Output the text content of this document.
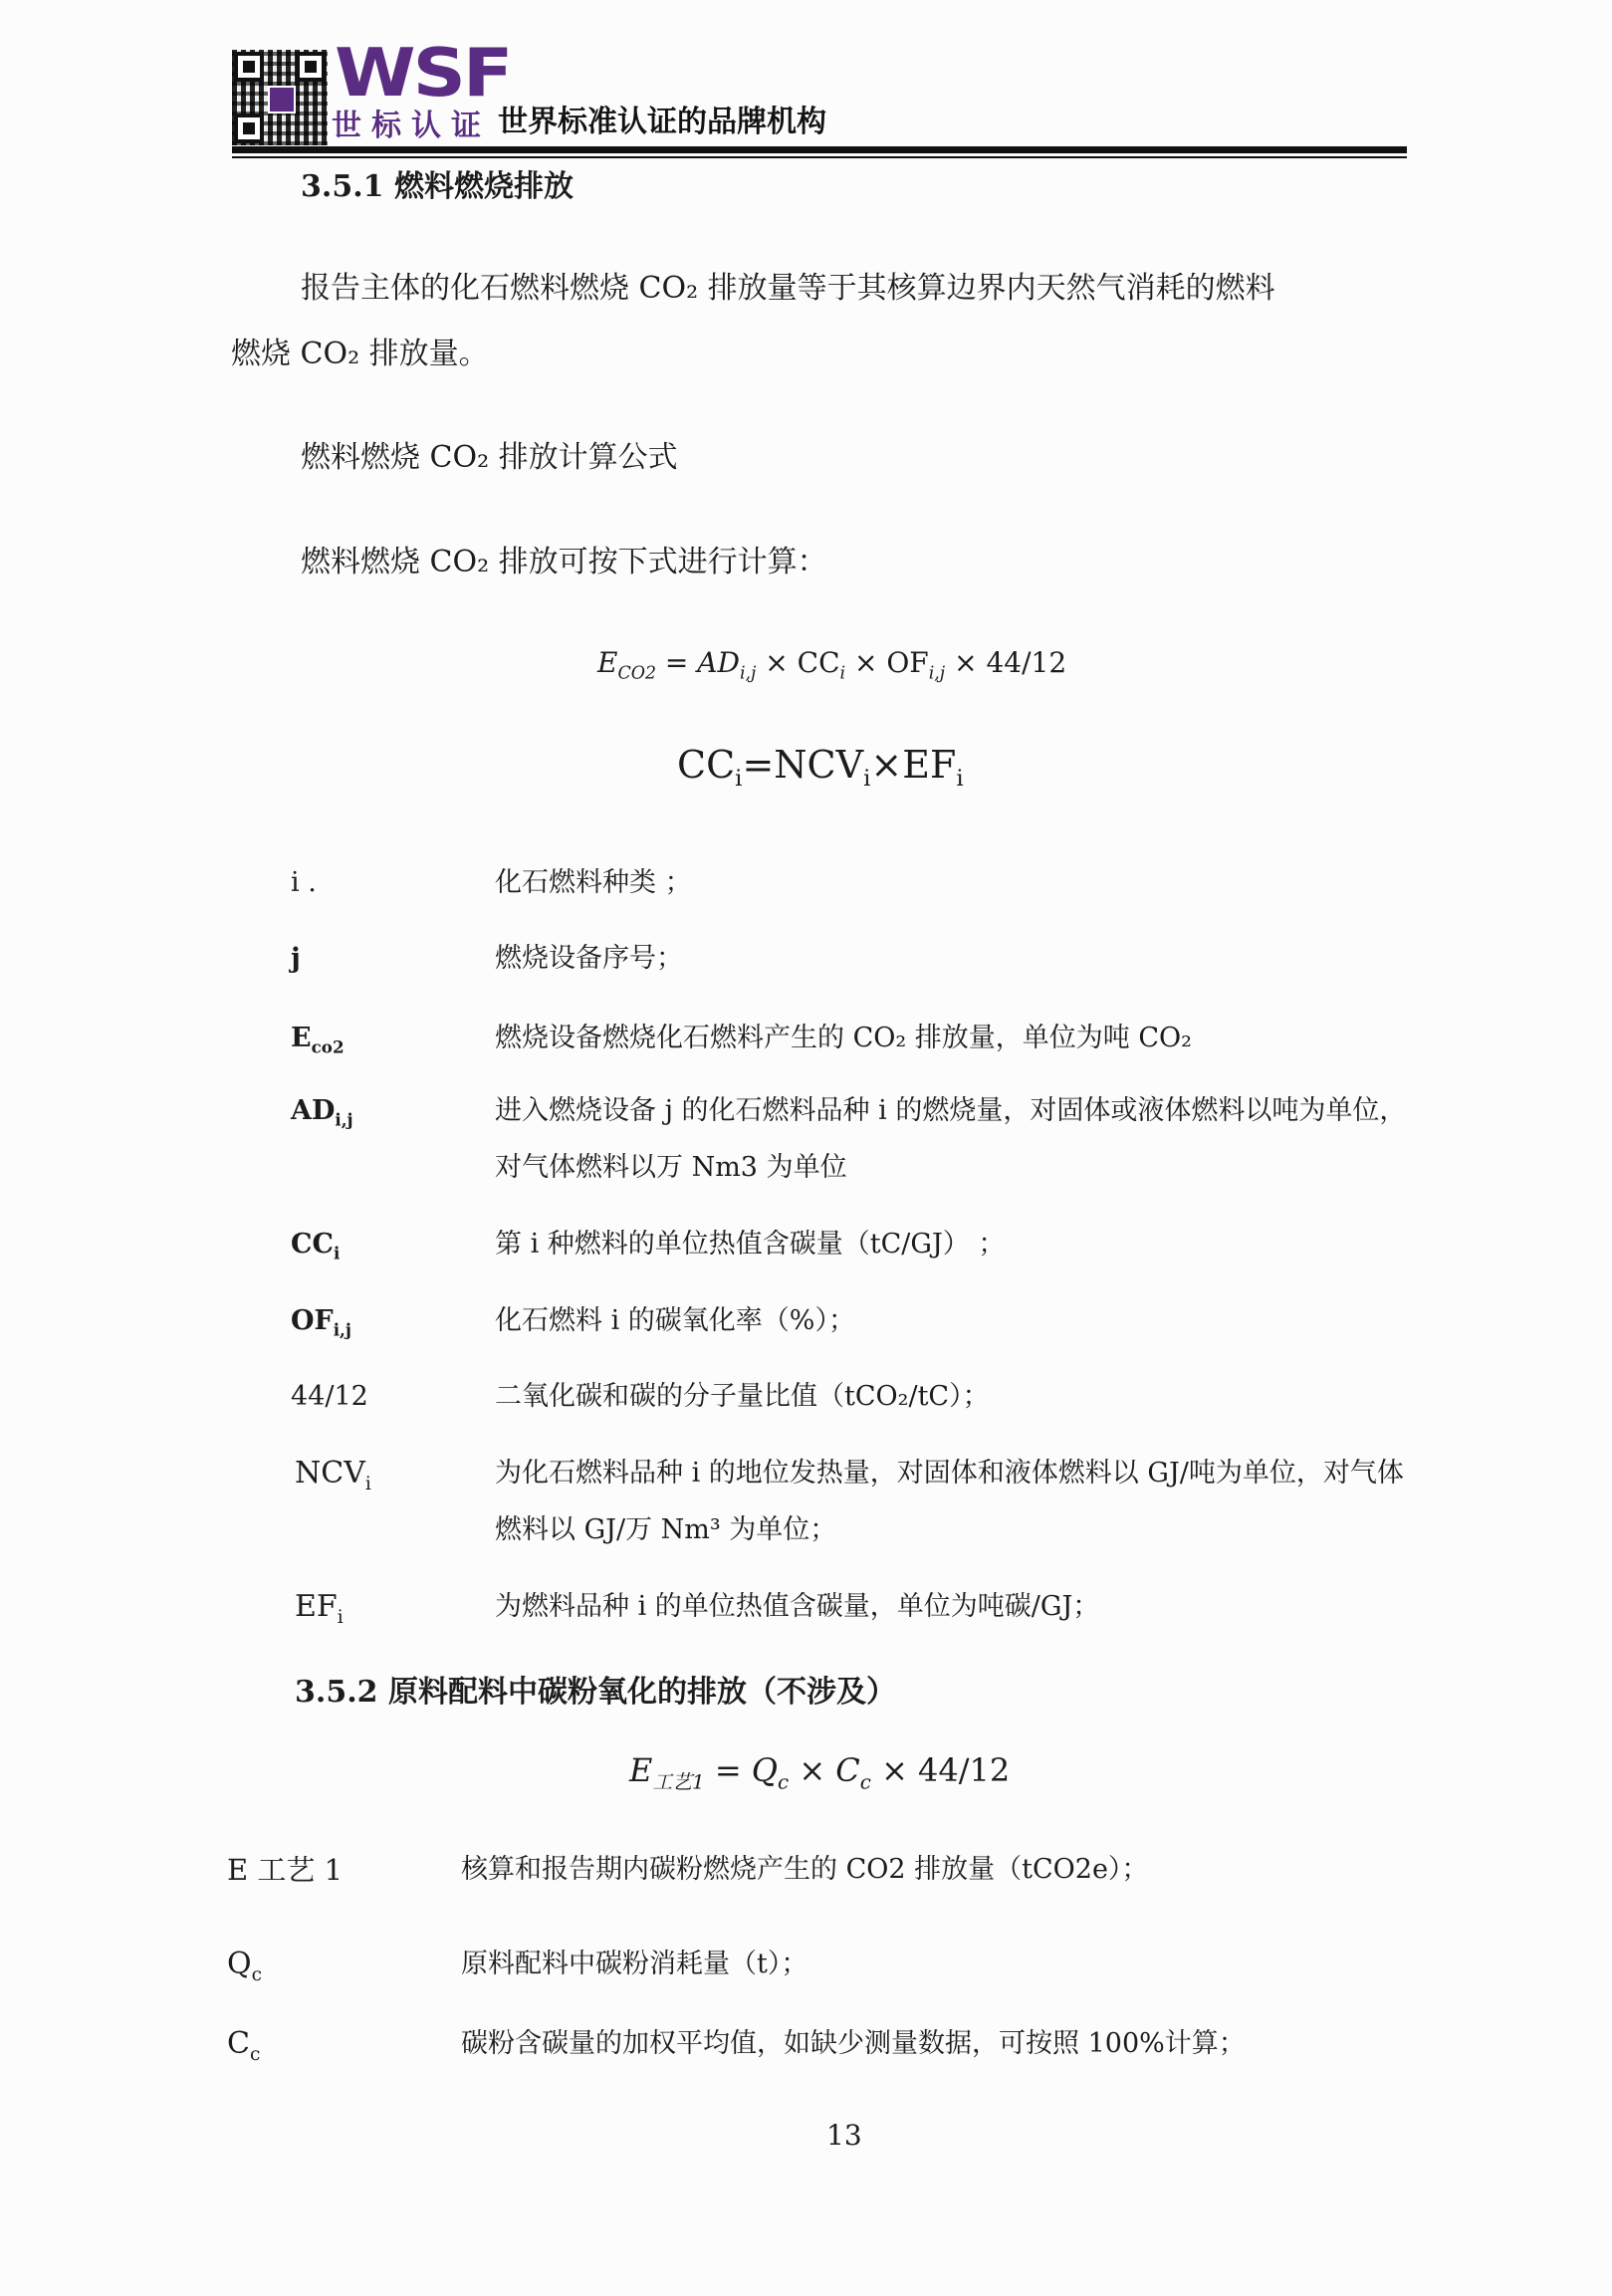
WSF
世标认证 世界标准认证的品牌机构
3.5.1 燃料燃烧排放
报告主体的化石燃料燃烧 CO₂ 排放量等于其核算边界内天然气消耗的燃料
燃烧 CO₂ 排放量。
燃料燃烧 CO₂ 排放计算公式
燃料燃烧 CO₂ 排放可按下式进行计算：
$E_{CO2} = AD_{i,j} \times CC_i \times OF_{i,j} \times 44/12$
$CC_i=NCV_i\times EF_i$
i .	化石燃料种类 ；
j	燃烧设备序号；
$E_{co2}$	燃烧设备燃烧化石燃料产生的 CO₂ 排放量，单位为吨 CO₂
$AD_{i,j}$	进入燃烧设备 j 的化石燃料品种 i 的燃烧量，对固体或液体燃料以吨为单位，
对气体燃料以万 Nm3 为单位
$CC_i$	第 i 种燃料的单位热值含碳量（tC/GJ） ；
$OF_{i,j}$	化石燃料 i 的碳氧化率（%）；
44/12	二氧化碳和碳的分子量比值（tCO₂/tC）；
$NCV_i$	为化石燃料品种 i 的地位发热量，对固体和液体燃料以 GJ/吨为单位，对气体
燃料以 GJ/万 Nm³ 为单位；
$EF_i$	为燃料品种 i 的单位热值含碳量，单位为吨碳/GJ；
3.5.2 原料配料中碳粉氧化的排放（不涉及）
$E_{工艺1} = Q_c \times C_c \times 44/12$
E 工艺 1	核算和报告期内碳粉燃烧产生的 CO2 排放量（tCO2e）；
$Q_c$	原料配料中碳粉消耗量（t）；
$C_c$	碳粉含碳量的加权平均值，如缺少测量数据，可按照 100%计算；
13
